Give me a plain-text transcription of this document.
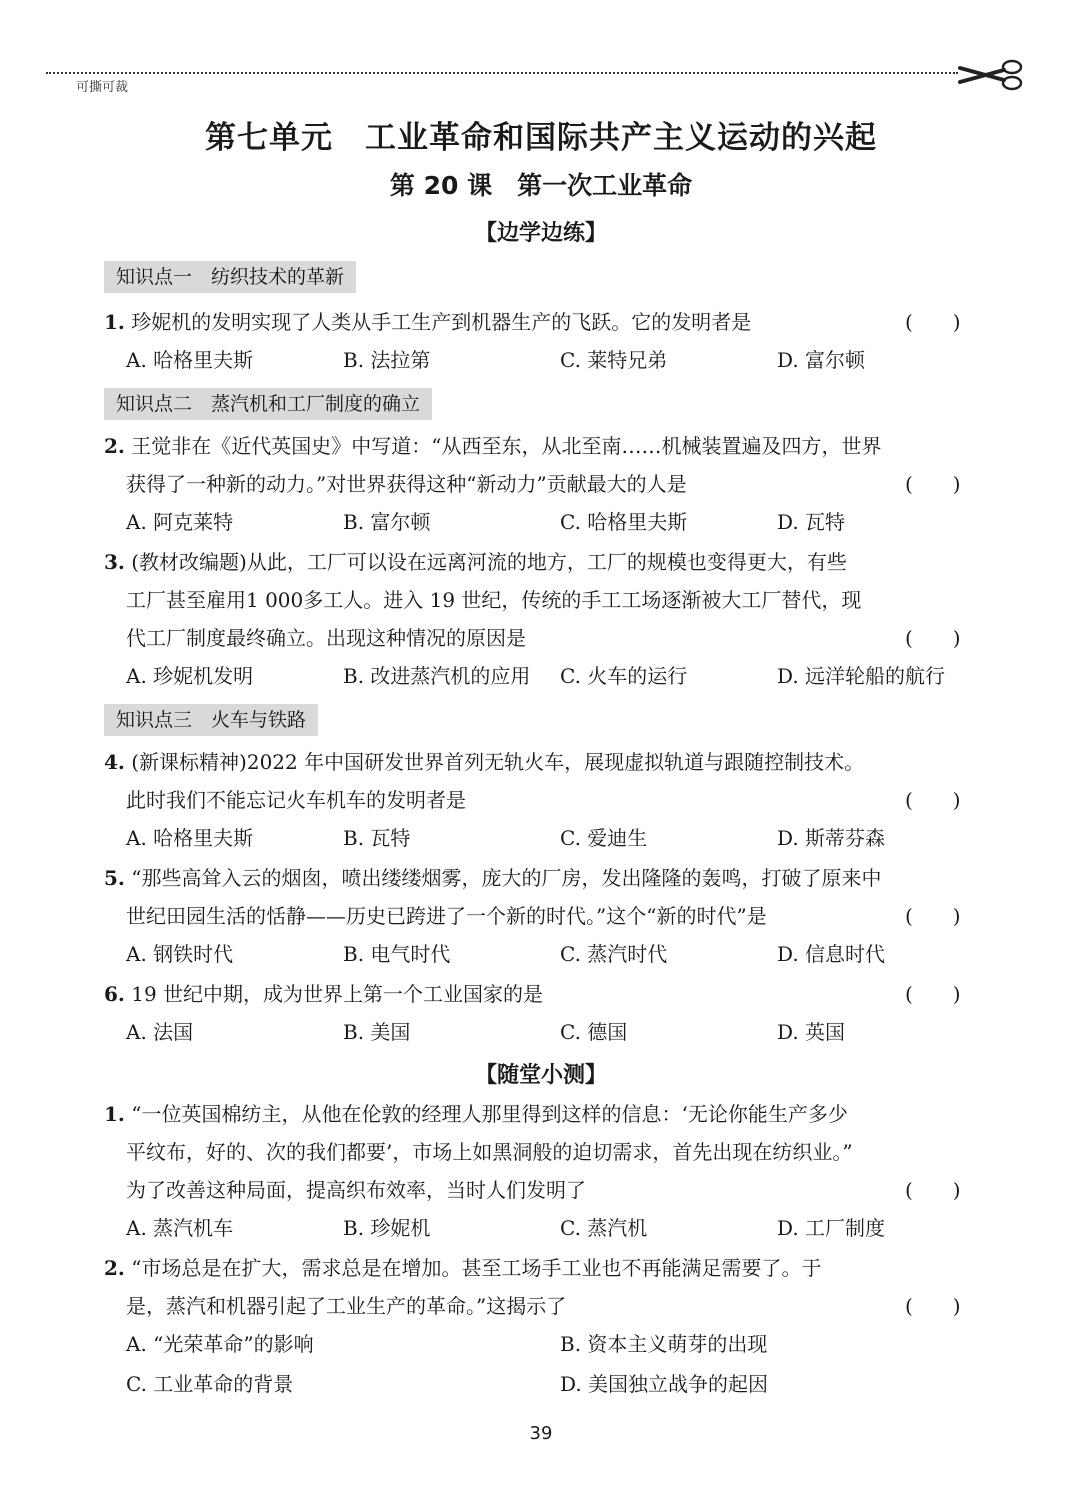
可撕可裁
第七单元　工业革命和国际共产主义运动的兴起
第 20 课　第一次工业革命
【边学边练】
知识点一　纺织技术的革新
1. 珍妮机的发明实现了人类从手工生产到机器生产的飞跃。它的发明者是	(　　)
A. 哈格里夫斯	B. 法拉第	C. 莱特兄弟	D. 富尔顿
知识点二　蒸汽机和工厂制度的确立
2. 王觉非在《近代英国史》中写道：“从西至东，从北至南……机械装置遍及四方，世界
获得了一种新的动力。”对世界获得这种“新动力”贡献最大的人是	(　　)
A. 阿克莱特	B. 富尔顿	C. 哈格里夫斯	D. 瓦特
3. (教材改编题)从此，工厂可以设在远离河流的地方，工厂的规模也变得更大，有些
工厂甚至雇用1 000多工人。进入 19 世纪，传统的手工工场逐渐被大工厂替代，现
代工厂制度最终确立。出现这种情况的原因是	(　　)
A. 珍妮机发明	B. 改进蒸汽机的应用 C. 火车的运行	D. 远洋轮船的航行
知识点三　火车与铁路
4. (新课标精神)2022 年中国研发世界首列无轨火车，展现虚拟轨道与跟随控制技术。
此时我们不能忘记火车机车的发明者是	(　　)
A. 哈格里夫斯	B. 瓦特	C. 爱迪生	D. 斯蒂芬森
5. “那些高耸入云的烟囱，喷出缕缕烟雾，庞大的厂房，发出隆隆的轰鸣，打破了原来中
世纪田园生活的恬静——历史已跨进了一个新的时代。”这个“新的时代”是	(　　)
A. 钢铁时代	B. 电气时代	C. 蒸汽时代	D. 信息时代
6. 19 世纪中期，成为世界上第一个工业国家的是	(　　)
A. 法国	B. 美国	C. 德国	D. 英国
【随堂小测】
1. “一位英国棉纺主，从他在伦敦的经理人那里得到这样的信息：‘无论你能生产多少
平纹布，好的、次的我们都要’，市场上如黑洞般的迫切需求，首先出现在纺织业。”
为了改善这种局面，提高织布效率，当时人们发明了	(　　)
A. 蒸汽机车	B. 珍妮机	C. 蒸汽机	D. 工厂制度
2. “市场总是在扩大，需求总是在增加。甚至工场手工业也不再能满足需要了。于
是，蒸汽和机器引起了工业生产的革命。”这揭示了	(　　)
A. “光荣革命”的影响	B. 资本主义萌芽的出现
C. 工业革命的背景	D. 美国独立战争的起因
39
